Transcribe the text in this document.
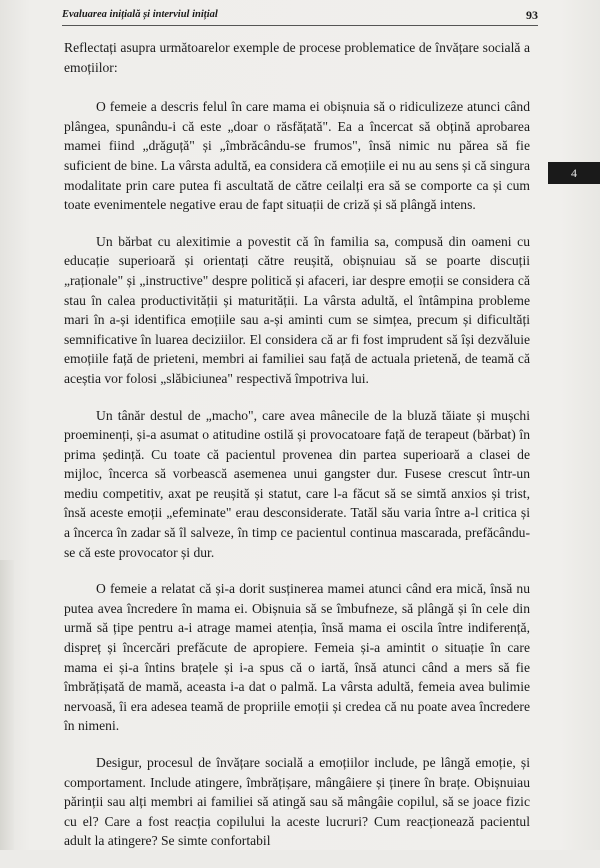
Evaluarea inițială și interviul inițial	93
4

Reflectați asupra următoarelor exemple de procese problematice de învățare socială a emoțiilor:

O femeie a descris felul în care mama ei obișnuia să o ridiculizeze atunci când plângea, spunându-i că este „doar o răsfățată". Ea a încercat să obțină aprobarea mamei fiind „drăguță" și „îmbrăcându-se frumos", însă nimic nu părea să fie suficient de bine. La vârsta adultă, ea considera că emoțiile ei nu au sens și că singura modalitate prin care putea fi ascultată de către ceilalți era să se comporte ca și cum toate evenimentele negative erau de fapt situații de criză și să plângă intens.

Un bărbat cu alexitimie a povestit că în familia sa, compusă din oameni cu educație superioară și orientați către reușită, obișnuiau să se poarte discuții „raționale" și „instructive" despre politică și afaceri, iar despre emoții se considera că stau în calea productivității și maturității. La vârsta adultă, el întâmpina probleme mari în a-și identifica emoțiile sau a-și aminti cum se simțea, precum și dificultăți semnificative în luarea deciziilor. El considera că ar fi fost imprudent să își dezvăluie emoțiile față de prieteni, membri ai familiei sau față de actuala prietenă, de teamă că aceștia vor folosi „slăbiciunea" respectivă împotriva lui.

Un tânăr destul de „macho", care avea mânecile de la bluză tăiate și mușchi proeminenți, și-a asumat o atitudine ostilă și provocatoare față de terapeut (bărbat) în prima ședință. Cu toate că pacientul provenea din partea superioară a clasei de mijloc, încerca să vorbească asemenea unui gangster dur. Fusese crescut într-un mediu competitiv, axat pe reușită și statut, care l-a făcut să se simtă anxios și trist, însă aceste emoții „efeminate" erau desconsiderate. Tatăl său varia între a-l critica și a încerca în zadar să îl salveze, în timp ce pacientul continua mascarada, prefăcându-se că este provocator și dur.

O femeie a relatat că și-a dorit susținerea mamei atunci când era mică, însă nu putea avea încredere în mama ei. Obișnuia să se îmbufneze, să plângă și în cele din urmă să țipe pentru a-i atrage mamei atenția, însă mama ei oscila între indiferență, dispreț și încercări prefăcute de apropiere. Femeia și-a amintit o situație în care mama ei și-a întins brațele și i-a spus că o iartă, însă atunci când a mers să fie îmbrățișată de mamă, aceasta i-a dat o palmă. La vârsta adultă, femeia avea bulimie nervoasă, îi era adesea teamă de propriile emoții și credea că nu poate avea încredere în nimeni.

Desigur, procesul de învățare socială a emoțiilor include, pe lângă emoție, și comportament. Include atingere, îmbrățișare, mângâiere și ținere în brațe. Obișnuiau părinții sau alți membri ai familiei să atingă sau să mângâie copilul, să se joace fizic cu el? Care a fost reacția copilului la aceste lucruri? Cum reacționează pacientul adult la atingere? Se simte confortabil
